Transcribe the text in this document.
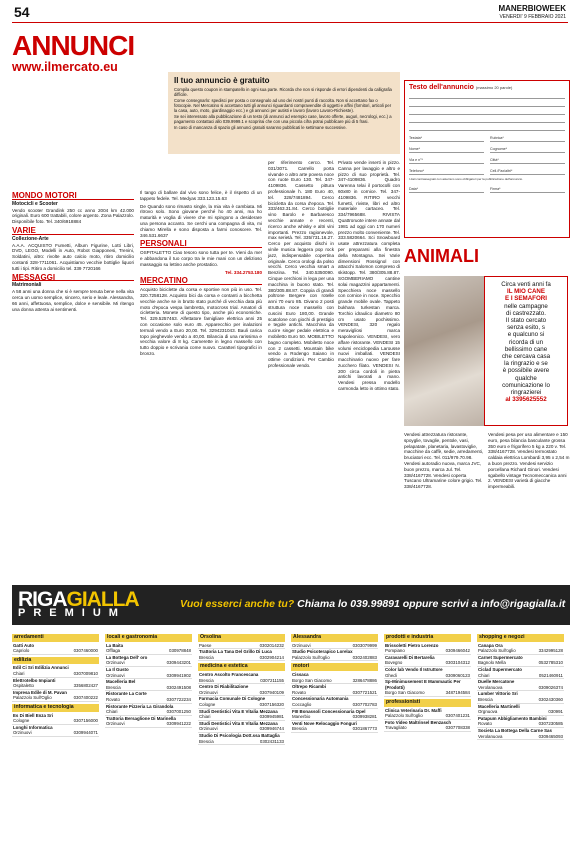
54	MANERBIOWEEK
VENERDI' 9 FEBBRAIO 2021
ANNUNCI
www.ilmercato.eu
Il tuo annuncio è gratuito

Compila questo coupon in stampatello in ogni sua parte. Ricorda che non si risponde di errori dipendenti da calligrafia difficile.

Come consegnarlo: spedisci per posta o consegnalo ad uno dei nostri punti di raccolta. Non si accettano fax o fotocopie. Nel Mercatino si accettano tutti gli annunci riguardanti compravendite di oggetti e affini (fornitori, articoli per la casa, auto, moto, giardinaggio ecc.) e gli annunci per autisti e lavoro (lavoro Lavoro-Richieste).

Se sei interessato alla pubblicazione di un testo (di annunci ad esempio case, lavoro offerte, auguri, necrologi, ecc.) a pagamento contattaci allo 039.9999.1 e scoprirai che con una piccola cifra potrai pubblicare più di 5 frasi.

In caso di mancanza di spazio gli annunci gratuiti saranno pubblicati le settimane successive.

Testo dell'annuncio (massimo 20 parole)
Testata*	Rubrica*
Nome*	Cognome*
Via e n°*	Città*
Telefono*	Cell./Fax/altri*
I dati contrassegnati con asterisco sono obbligatori per la pubblicazione dell'annuncio.
Data*	Firma*
MONDO MOTORI
Motocicli e Scooter

Vendo scooter Grandink 250 cc anno 2004 km 42.000 originali. Euro 600 trattabili, colore argento. Zona Palazzolo. Disponibile foto. Tel. 340/6918884

VARIE
Collezione-Arte

A.A.A. ACQUISTO Fumetti, Album Figurine, Lotti Libri, DVD, LEGO, Modelli in Auto, Robot Giapponesi, Trenini, Soldatini, altro: rivolte auto calcio moto, ritiro domicilio contanti 328-7711061. Acquistiamo vecchie bottiglie liquori tutti i tipi. Ritiro a domicilio tel. 339 7720166

MESSAGGI
Matrimoniali

A 58 anni una donna che si è sempre tenuta bene nella vita cerca un uomo semplice, sincero, serio e leale. Alessandra, 66 anni, affettuosa, semplice, dolce e sensibile. Mi ritengo una donna attenta ai sentimenti.

Il tango di ballare dal vivo sono felice, è il rispetto di un tappeto fedele. Tel. Medyas 333.123.15.63

De Quando sono rimasto single, la mia vita è cambiata. Mi ritrovo solo. Sono giovane perché ho 40 anni, ma ho maturità e voglia di vivere che mi spingono a desiderare una persona accanto. Se cerchi una compagna di vita, mi chiamo Mirella e sono disposta a farmi conoscere. Tel. 346.531.6637

PERSONALI

OSPITALETTO Ciao tesoro sono tutta per te. Vieni da me! e abbandona il tuo corpo tra le mie mani con un delizioso massaggio su lettino anche prostatico.

Tel. 334.2753.180

MERCATINO

Acquisto biciclette da corsa e sportive non più in uso. Tel. 320.7258128. Acquisto bici da corsa e contanti a bicchetta vecchie anche se in brutto stato purché di vecchia data più moto d'epoca vespa lambretta, motocross trial. Amatori di cicletteria. Monete di questo tipo, anche più economiche. Tel. 329.5257463. Alfettatore famigliare elettrica anni 25 con occasione solo euro 45. Apparecchio per inalazioni termali vendo a Euro 20,00. Tel. 3294231043. Bauli carica topo pieghevole vendo a 40,00. Bilancia di una rarissima e vecchia valore di 8 kg. Camerette in legno massello con tutto doppio e scrivania come nuovo. Caratteri tipografici in bronzo.

per riferimento cerco. Tel. 031/3071. Carrello porta vivande o altro arte povera noce con ruote Euro 130. Tel. 347-4109836. Cassetto pittura professionale h. 180 Euro 40, tel. 328/7481894. Cerco bicicletta da corsa d'epoca. Tel. 333/463.31.84. Cerco bottiglie vino Barolo e Barbaresco vecchie annate e recenti, ricerco anche whisky e altri vini importanti. Prezzo ragionevole, max serietà. Tel. 335/731.16.27. Cerco per acquisto dischi in vinile musica leggera pop rock jazz, indispensabile copertina originale. Cerco orologi da polso vecchi. Cerco vecchia smart a Benzina. Tel. 340.5350090. Cinque cerchioni in lega per una macchina in buono stato. Tel. 380/305.88.87. Coppia di grandi poltrone Bergere con rotelle anni 70 euro 85. Divano 2 posti struttura noce massello con cuscini Euro 180,00. Grande scatolone con giochi di prestigio e tegole antichi. Macchina da cucire singer pedale elettrica e mobiletto Euro 50. MOBILETTO bagno completo. Mobiletto noce con 2 cassetti. Mountain bike vendo a Rodengo Saiano in ottime condizioni. Per Cambio professionale vendo.

Privato vende inserti in pizzo. Canna per lavaggio e altro e pizzo di suo proprietà. Tel. 347-4109836. Quadro Varenna telai il portocolli con 60x80 in cornice. Tel. 347-4109836. RITIRO vecchi fumetti, riviste, libri ed altro materiale cartaceo. Tel. 334/7965688. RIVISTA Quattroruote intere annate dal 1981 ad oggi con 170 numeri prezzo molto conveniente. Tel. 333.5820664. Sci Snowboard usate attrezzatura completa per prepararsi alla finestra della Montagna. Sei Varie dimensioni Rossignol con attacchi Salomon compreso di skistopp. Tel. 380/305.88.87. SGOMBERIAMO cantine solai magazzini appartamenti. Specchiera noce massello con cornice in noce. Specchio grande mobile ovale. Tappeto bukhara turkestan marca. Torchio idraulico diametro 80 cm usato pochissimo. VENDESI, 320 regalo meravigliosi marca Napoleonico. VENDESI, vero affare ristorante. VENDESI 15 volumi enciclopedia Larousse nuovi imballati. VENDESI macchinario nuovo per fare zucchero filato. VENDESI N. 200 circa cordoli in pietra antichi lavorati a mano. Vendesi pressa modello carmonda letto in ottimo stato.

ANIMALI
Circa venti anni fa
IL MIO CANE
E I SEMAFORI
nelle campagne
di castrezzato.
Il stato cercato
senza esito, s
e qualcuno si
ricorda di un
bellissimo cane
che cercava casa
la ringrazio e se
è possibile avere
qualche
comunicazione lo
ringrazierei
al 3395625552
Vendesi attrezzatura ristorante, spoyglie, tovaglie, pentole, vasi, pelapatate, planetaria, lavastoviglie, macchine da caffè, sedie, arredamenti, bruciatori ecc. Tel. 011/979.70.98. Vendesi autoradio nuova, marca JVC, buon prezzo, marca Jul. Tel. 338/4167728. Vendesi coperta Tuscano Ultramarine colore grigio. Tel. 338/4167728.
Vendesi pesa per uso alimentare e 150 euro, pesa bilancia basculante grossa 350 euro e frigorifero 5 kg a 220 v. Tel. 338/4167728. Vendesi termostato caldaia elettrica Lombardi 3,95 x 2,54 m a buon prezzo. Vendesi servizio porcellana Richard Ginori. Vendesi sgabello vintage Tecnomeccanica anni 2. VENDESI varietà di giacche impermeabili.
RIGAGIALLA
PREMIUM
Vuoi esserci anche tu? Chiama lo 039.99891 oppure scrivi a info@rigagialla.it
arredamenti
Gatti Auto
Capriolo	0307460000
edilizia
Edil Ci Sri Edilizia Annunci
Chiari	0307009810
Elettrotelbo Impianti
Ospitaletto	3356802427
Impresa Edile di M. Pavan
Palazzolo Sull'Oglio	0307400222
informatica e tecnologia
Es Di Biell Enza Sri
Cologne	0307156000
Longhi Informatica
Orzinuovi	0309944071
locali e gastronomia
La Baita
Offlaga	030978848
La Bottega Dell' oro
Orzinuovi	0309443201
La Il Gusto
Orzinuovi	0309941902
Macelleria Bel
Brescia	0302491508
Ristorante La Corte
Rovato	0307722234
Ristorante Pizzeria La Girandola
Chiari	0307001250
Trattoria Bersaglione Di Marinella
Orzinuovi	0309941222
Orsolina
Paese	0302014232
Trattoria La Tana Del Grillo Di Luca
Brescia	0302904214
medicina e estetica
Centro Ascolto Francescana
Brescia	0307211155
Centro Di Riabilitazione
Orzinuovi	0307940109
Farmacia Comunale Di Cologne
Cologne	0307156320
Studi Dentistici Vita E Vitalia Mezzana
Chiari	0309945981
Studi Dentistici Vita E Vitalia Mezzana
Orzinuovi	0309946744
Studio Di Psicologia Dott.ssa Battaglia
Brescia	0302431133
Alessandra
Orzinuovi	0303079999
Studio Psicoterapico Lorelax
Palazzolo Sull'oglio	0302402883
motori
Cissaca
Borgo San Giacomo	3286478886
Oltrepo Ricambi
Rovato	0307721521
Concessionaria Automania
Coccaglio	0307702783
FIII Bonassoli Concessionaria Opel
Manerbio	0309938281
Venti Nove Relocaggio Fonguri
Brescia	0301867773
prodotti e industria
Brissoletti Pietro Lorenzo
Pompiano	0309466042
Caravarelli Di Bertarelia
Bovegno	0303104312
Color lab Vendo Il Istruttore
Ghedi	0309060123
Sp-Minimusement E Mammautic Per (Prodotti)
Borgo San Giacomo	3487194584
professionisti
Clinica Veterinaria Dr. Maffi
Palazzolo Sull'oglio	0307401231
Foto Video Maltrinsel Benzasch
Travagliato	0307708338
shopping e negozi
Canapa Ora
Palazzolo Sull'oglio	3342995128
Carnet Supermercato
Bagnolo Mella	0532785310
Ciclad Supermercato
Chiari	0521460911
Duelle Mercatone
Verolanuova	0309026374
Lumber Vittorio Sri
Brescia	0302430360
Macelleria Martinelli
Orgnuova	030991
Patapum Abbigliamento Bambini
Rovato	0307230585
Societa La Bottega Della Carne Sas
Verolanuova	0309465093
